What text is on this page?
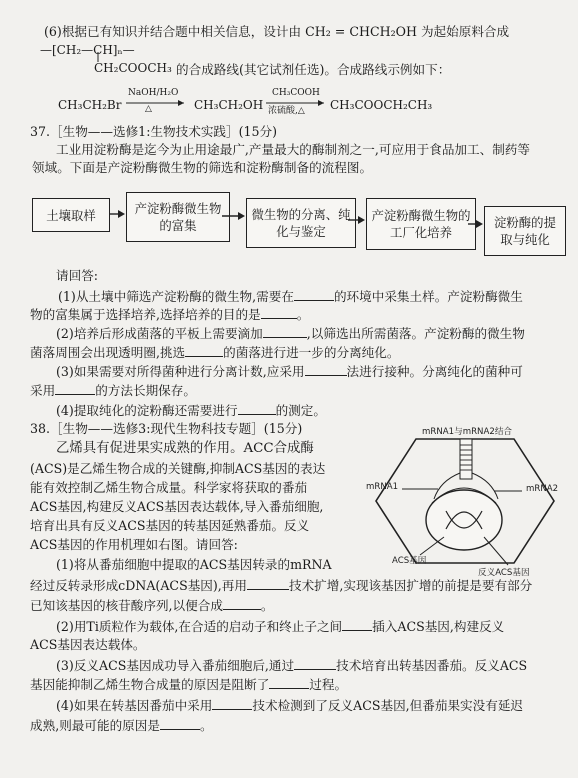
(6)根据已有知识并结合题中相关信息，设计由 CH₂ = CHCH₂OH 为起始原料合成
—[CH₂—CH]ₙ—
CH₂COOCH₃ 的合成路线(其它试剂任选)。合成路线示例如下：
CH₃CH₂Br
NaOH/H₂O
△	CH₃CH₂OH
CH₃COOH
浓硫酸,△ CH₃COOCH₂CH₃
37.［生物——选修1:生物技术实践］(15分)
工业用淀粉酶是迄今为止用途最广,产量最大的酶制剂之一,可应用于食品加工、制药等
领域。下面是产淀粉酶微生物的筛选和淀粉酶制备的流程图。
土壤取样	产淀粉酶微生物的富集
微生物的分离、纯化与鉴定
产淀粉酶微生物的工厂化培养
淀粉酶的提取与纯化
请回答:
(1)从土壤中筛选产淀粉酶的微生物,需要在	的环境中采集土样。产淀粉酶微生
物的富集属于选择培养,选择培养的目的是	。
(2)培养后形成菌落的平板上需要滴加	,以筛选出所需菌落。产淀粉酶的微生物
菌落周围会出现透明圈,挑选	的菌落进行进一步的分离纯化。
(3)如果需要对所得菌种进行分离计数,应采用	法进行接种。分离纯化的菌种可
采用	的方法长期保存。
(4)提取纯化的淀粉酶还需要进行	的测定。
38.［生物——选修3:现代生物科技专题］(15分)
乙烯具有促进果实成熟的作用。ACC合成酶
(ACS)是乙烯生物合成的关键酶,抑制ACS基因的表达
能有效控制乙烯生物合成量。科学家将获取的番茄
ACS基因,构建反义ACS基因表达载体,导入番茄细胞,
培育出具有反义ACS基因的转基因延熟番茄。反义
ACS基因的作用机理如右图。请回答:
mRNA1与mRNA2结合
mRNA1	mRNA2
ACS基因
反义ACS基因
(1)将从番茄细胞中提取的ACS基因转录的mRNA
经过反转录形成cDNA(ACS基因),再用	技术扩增,实现该基因扩增的前提是要有部分
已知该基因的核苷酸序列,以便合成	。
(2)用Ti质粒作为载体,在合适的启动子和终止子之间 插入ACS基因,构建反义
ACS基因表达载体。
(3)反义ACS基因成功导入番茄细胞后,通过	技术培育出转基因番茄。反义ACS
基因能抑制乙烯生物合成量的原因是阻断了	过程。
(4)如果在转基因番茄中采用	技术检测到了反义ACS基因,但番茄果实没有延迟
成熟,则最可能的原因是	。
